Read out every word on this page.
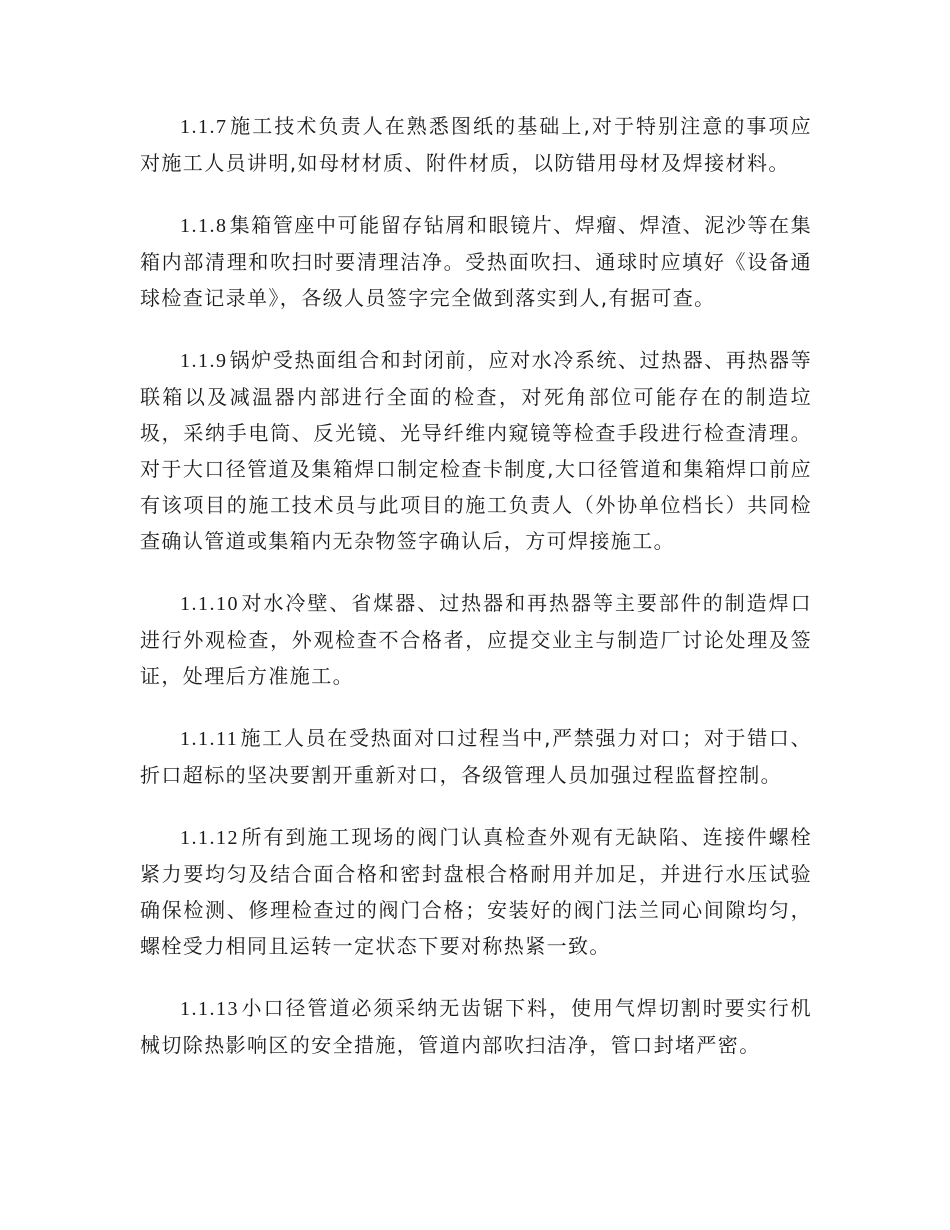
1.1.7 施工技术负责人在熟悉图纸的基础上,对于特别注意的事项应对施工人员讲明,如母材材质、附件材质，以防错用母材及焊接材料。

1.1.8 集箱管座中可能留存钻屑和眼镜片、焊瘤、焊渣、泥沙等在集箱内部清理和吹扫时要清理洁净。受热面吹扫、通球时应填好《设备通球检查记录单》，各级人员签字完全做到落实到人,有据可查。

1.1.9 锅炉受热面组合和封闭前，应对水冷系统、过热器、再热器等联箱以及减温器内部进行全面的检查，对死角部位可能存在的制造垃圾，采纳手电筒、反光镜、光导纤维内窥镜等检查手段进行检查清理。对于大口径管道及集箱焊口制定检查卡制度,大口径管道和集箱焊口前应有该项目的施工技术员与此项目的施工负责人（外协单位档长）共同检查确认管道或集箱内无杂物签字确认后，方可焊接施工。

1.1.10 对水冷壁、省煤器、过热器和再热器等主要部件的制造焊口进行外观检查，外观检查不合格者，应提交业主与制造厂讨论处理及签证，处理后方准施工。

1.1.11 施工人员在受热面对口过程当中,严禁强力对口；对于错口、折口超标的坚决要割开重新对口，各级管理人员加强过程监督控制。

1.1.12 所有到施工现场的阀门认真检查外观有无缺陷、连接件螺栓紧力要均匀及结合面合格和密封盘根合格耐用并加足，并进行水压试验确保检测、修理检查过的阀门合格；安装好的阀门法兰同心间隙均匀，螺栓受力相同且运转一定状态下要对称热紧一致。

1.1.13 小口径管道必须采纳无齿锯下料，使用气焊切割时要实行机械切除热影响区的安全措施，管道内部吹扫洁净，管口封堵严密。
